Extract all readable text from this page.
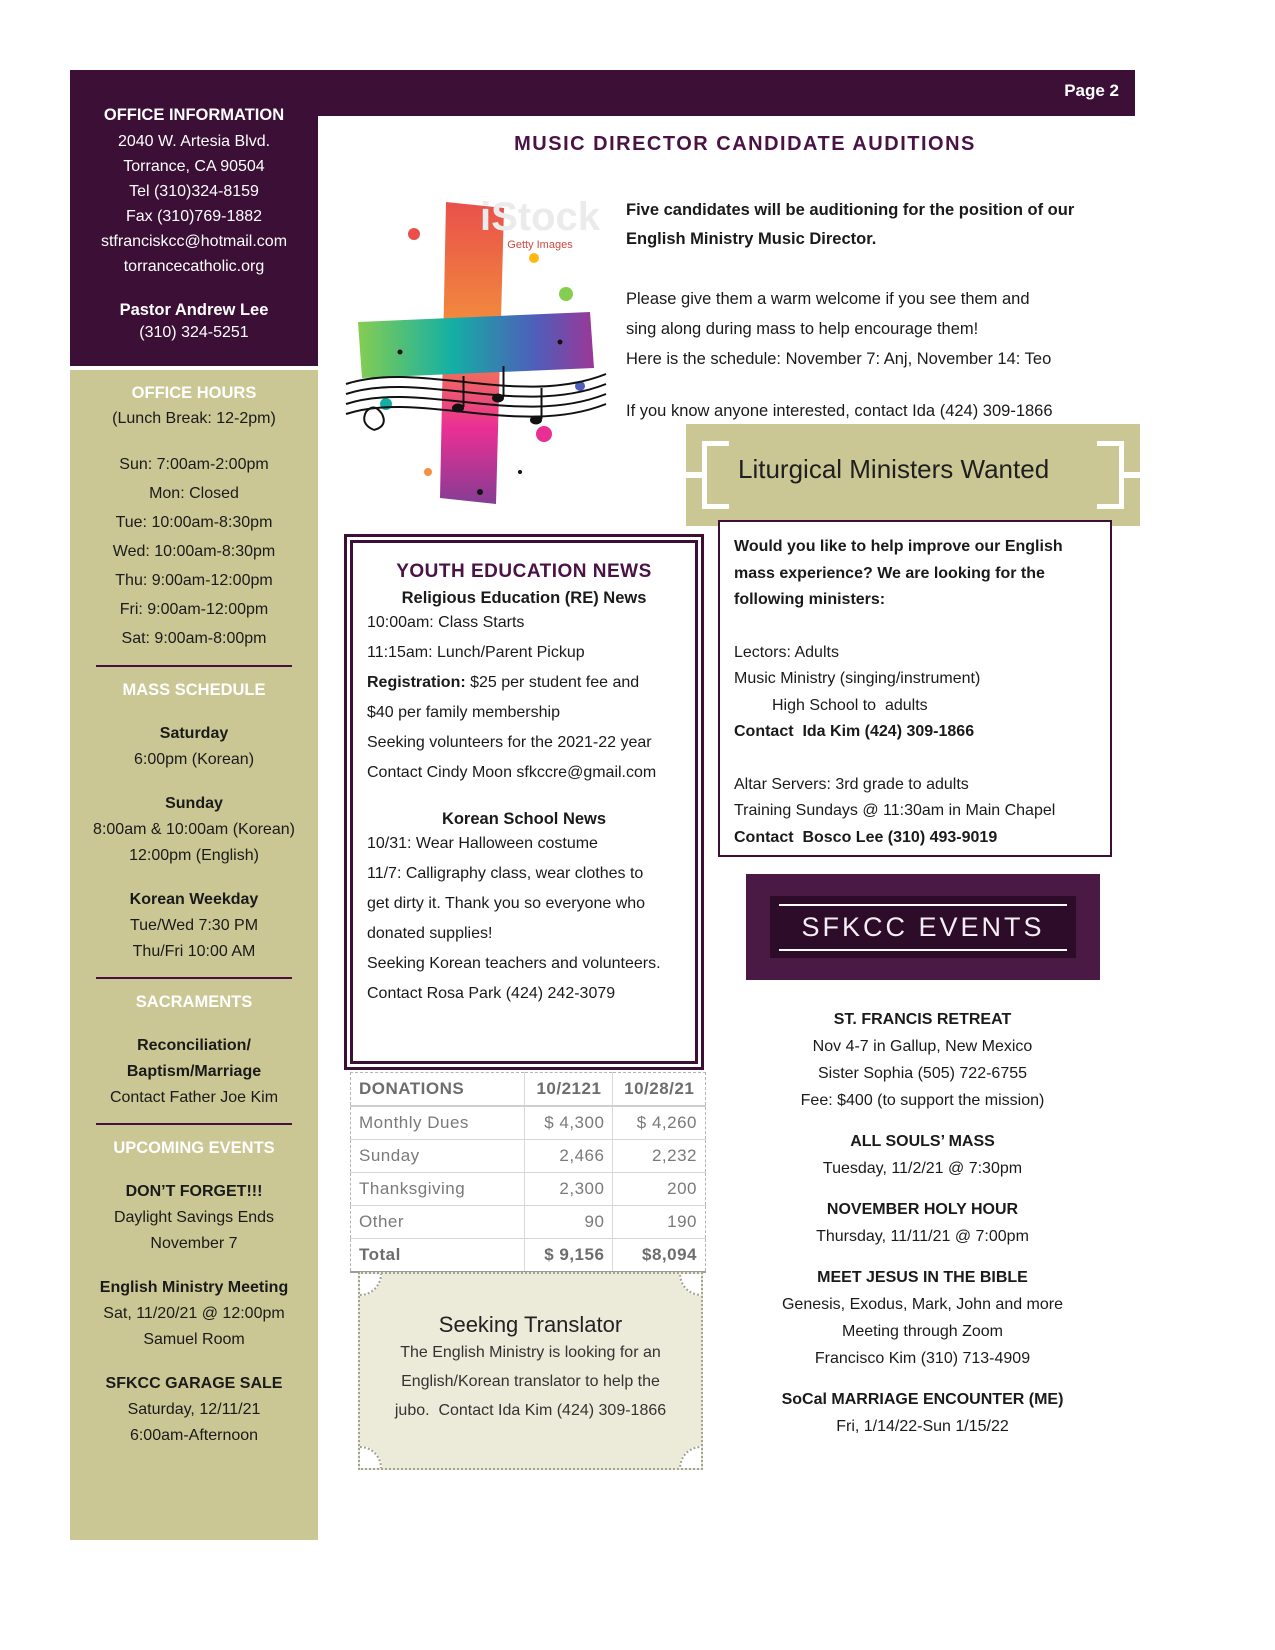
Page 2
OFFICE INFORMATION
2040 W. Artesia Blvd.
Torrance, CA 90504
Tel (310)324-8159
Fax (310)769-1882
stfranciskcc@hotmail.com
torrancecatholic.org
Pastor Andrew Lee
(310) 324-5251
OFFICE HOURS
(Lunch Break: 12-2pm)
Sun: 7:00am-2:00pm
Mon: Closed
Tue: 10:00am-8:30pm
Wed: 10:00am-8:30pm
Thu: 9:00am-12:00pm
Fri: 9:00am-12:00pm
Sat: 9:00am-8:00pm
MASS SCHEDULE
Saturday
6:00pm (Korean)
Sunday
8:00am & 10:00am (Korean)
12:00pm (English)
Korean Weekday
Tue/Wed 7:30 PM
Thu/Fri 10:00 AM
SACRAMENTS
Reconciliation/
Baptism/Marriage
Contact Father Joe Kim
UPCOMING EVENTS
DON’T FORGET!!!
Daylight Savings Ends
November 7
English Ministry Meeting
Sat, 11/20/21 @ 12:00pm
Samuel Room
SFKCC GARAGE SALE
Saturday, 12/11/21
6:00am-Afternoon
MUSIC DIRECTOR CANDIDATE AUDITIONS
iStock
Getty Images
Five candidates will be auditioning for the position of our
English Ministry Music Director.
Please give them a warm welcome if you see them and
sing along during mass to help encourage them!
Here is the schedule: November 7: Anj, November 14: Teo
If you know anyone interested, contact Ida (424) 309-1866
Liturgical Ministers Wanted
Would you like to help improve our English
mass experience? We are looking for the
following ministers:
Lectors: Adults
Music Ministry (singing/instrument)
High School to  adults
Contact  Ida Kim (424) 309-1866
Altar Servers: 3rd grade to adults
Training Sundays @ 11:30am in Main Chapel
Contact  Bosco Lee (310) 493-9019
YOUTH EDUCATION NEWS
Religious Education (RE) News
10:00am: Class Starts
11:15am: Lunch/Parent Pickup
Registration: $25 per student fee and
$40 per family membership
Seeking volunteers for the 2021-22 year
Contact Cindy Moon sfkccre@gmail.com
Korean School News
10/31: Wear Halloween costume
11/7: Calligraphy class, wear clothes to
get dirty it. Thank you so everyone who
donated supplies!
Seeking Korean teachers and volunteers.
Contact Rosa Park (424) 242-3079
DONATIONS	10/2121	10/28/21
Monthly Dues	$ 4,300	$ 4,260
Sunday	2,466	2,232
Thanksgiving	2,300	200
Other	90	190
Total	$ 9,156	$8,094
Seeking Translator
The English Ministry is looking for an
English/Korean translator to help the
jubo.  Contact Ida Kim (424) 309-1866
SFKCC EVENTS
ST. FRANCIS RETREAT
Nov 4-7 in Gallup, New Mexico
Sister Sophia (505) 722-6755
Fee: $400 (to support the mission)
ALL SOULS’ MASS
Tuesday, 11/2/21 @ 7:30pm
NOVEMBER HOLY HOUR
Thursday, 11/11/21 @ 7:00pm
MEET JESUS IN THE BIBLE
Genesis, Exodus, Mark, John and more
Meeting through Zoom
Francisco Kim (310) 713-4909
SoCal MARRIAGE ENCOUNTER (ME)
Fri, 1/14/22-Sun 1/15/22
